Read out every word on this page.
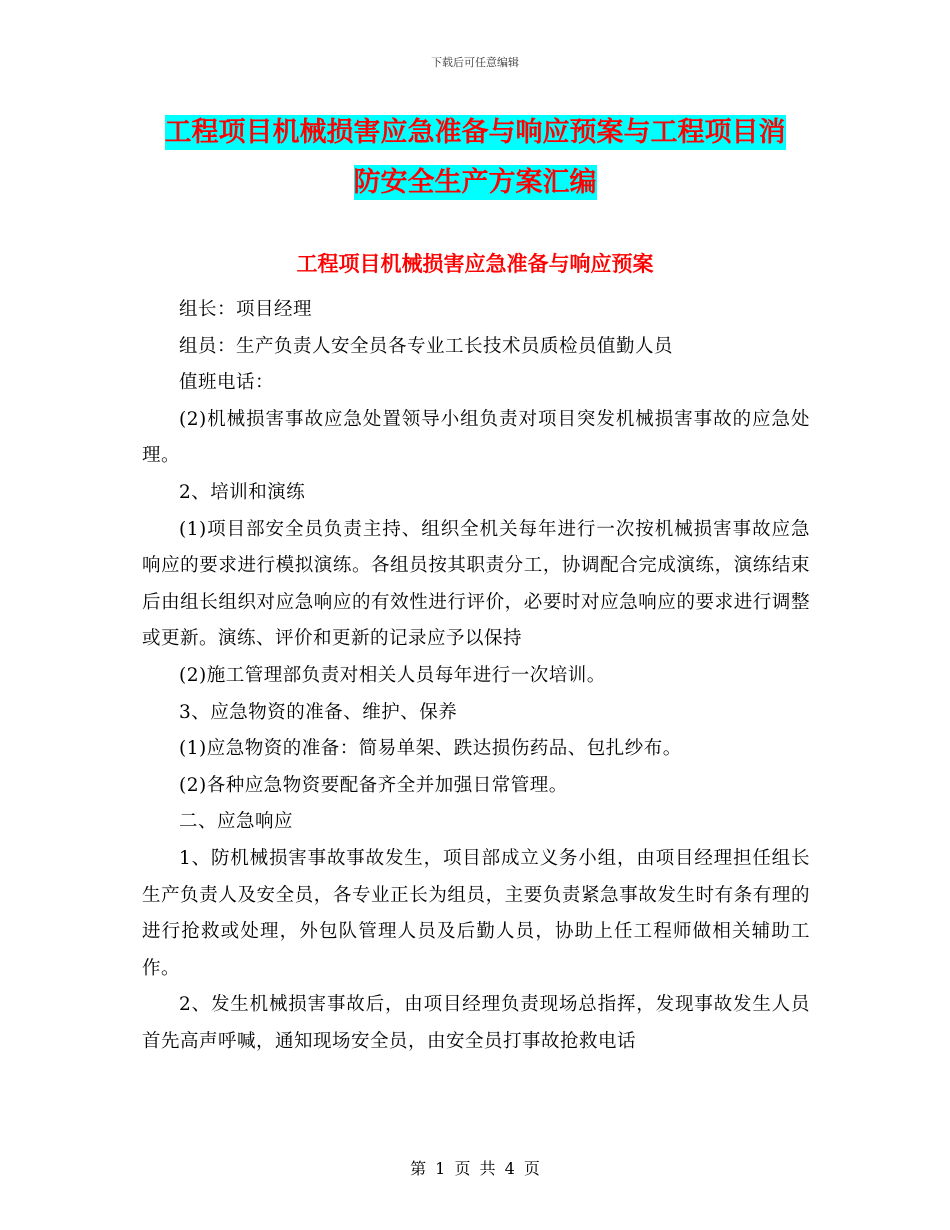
下载后可任意编辑
工程项目机械损害应急准备与响应预案与工程项目消
防安全生产方案汇编
工程项目机械损害应急准备与响应预案

组长：项目经理

组员：生产负责人安全员各专业工长技术员质检员值勤人员

值班电话：

(2)机械损害事故应急处置领导小组负责对项目突发机械损害事故的应急处理。

2、培训和演练

(1)项目部安全员负责主持、组织全机关每年进行一次按机械损害事故应急响应的要求进行模拟演练。各组员按其职责分工，协调配合完成演练，演练结束后由组长组织对应急响应的有效性进行评价，必要时对应急响应的要求进行调整或更新。演练、评价和更新的记录应予以保持

(2)施工管理部负责对相关人员每年进行一次培训。

3、应急物资的准备、维护、保养

(1)应急物资的准备：简易单架、跌达损伤药品、包扎纱布。

(2)各种应急物资要配备齐全并加强日常管理。

二、应急响应

1、防机械损害事故事故发生，项目部成立义务小组，由项目经理担任组长生产负责人及安全员，各专业正长为组员，主要负责紧急事故发生时有条有理的进行抢救或处理，外包队管理人员及后勤人员，协助上任工程师做相关辅助工作。

2、发生机械损害事故后，由项目经理负责现场总指挥，发现事故发生人员首先高声呼喊，通知现场安全员，由安全员打事故抢救电话

第 1 页 共 4 页
